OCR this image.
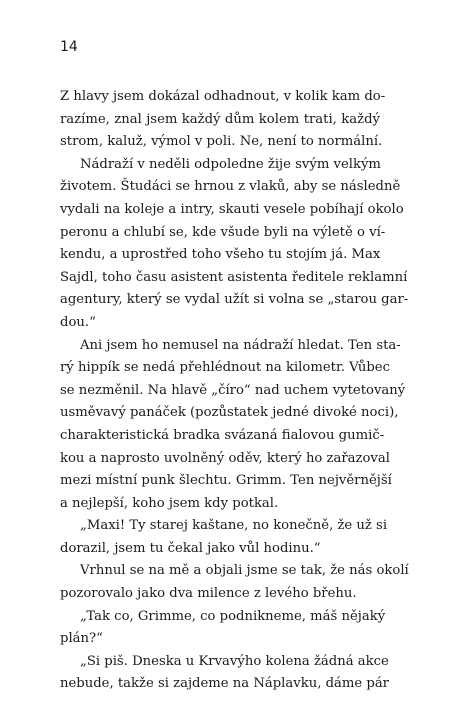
14
Z hlavy jsem dokázal odhadnout, v kolik kam do-
razíme, znal jsem každý dům kolem trati, každý
strom, kaluž, výmol v poli. Ne, není to normální.
Nádraží v neděli odpoledne žije svým velkým
životem. Študáci se hrnou z vlaků, aby se následně
vydali na koleje a intry, skauti vesele pobíhají okolo
peronu a chlubí se, kde všude byli na výletě o ví-
kendu, a uprostřed toho všeho tu stojím já. Max
Sajdl, toho času asistent asistenta ředitele reklamní
agentury, který se vydal užít si volna se „starou gar-
dou.“
Ani jsem ho nemusel na nádraží hledat. Ten sta-
rý hippík se nedá přehlédnout na kilometr. Vůbec
se nezměnil. Na hlavě „číro“ nad uchem vytetovaný
usměvavý panáček (pozůstatek jedné divoké noci),
charakteristická bradka svázaná fialovou gumič-
kou a naprosto uvolněný oděv, který ho zařazoval
mezi místní punk šlechtu. Grimm. Ten nejvěrnější
a nejlepší, koho jsem kdy potkal.
„Maxi! Ty starej kaštane, no konečně, že už si
dorazil, jsem tu čekal jako vůl hodinu.“
Vrhnul se na mě a objali jsme se tak, že nás okolí
pozorovalo jako dva milence z levého břehu.
„Tak co, Grimme, co podnikneme, máš nějaký
plán?“
„Si piš. Dneska u Krvavýho kolena žádná akce
nebude, takže si zajdeme na Náplavku, dáme pár
